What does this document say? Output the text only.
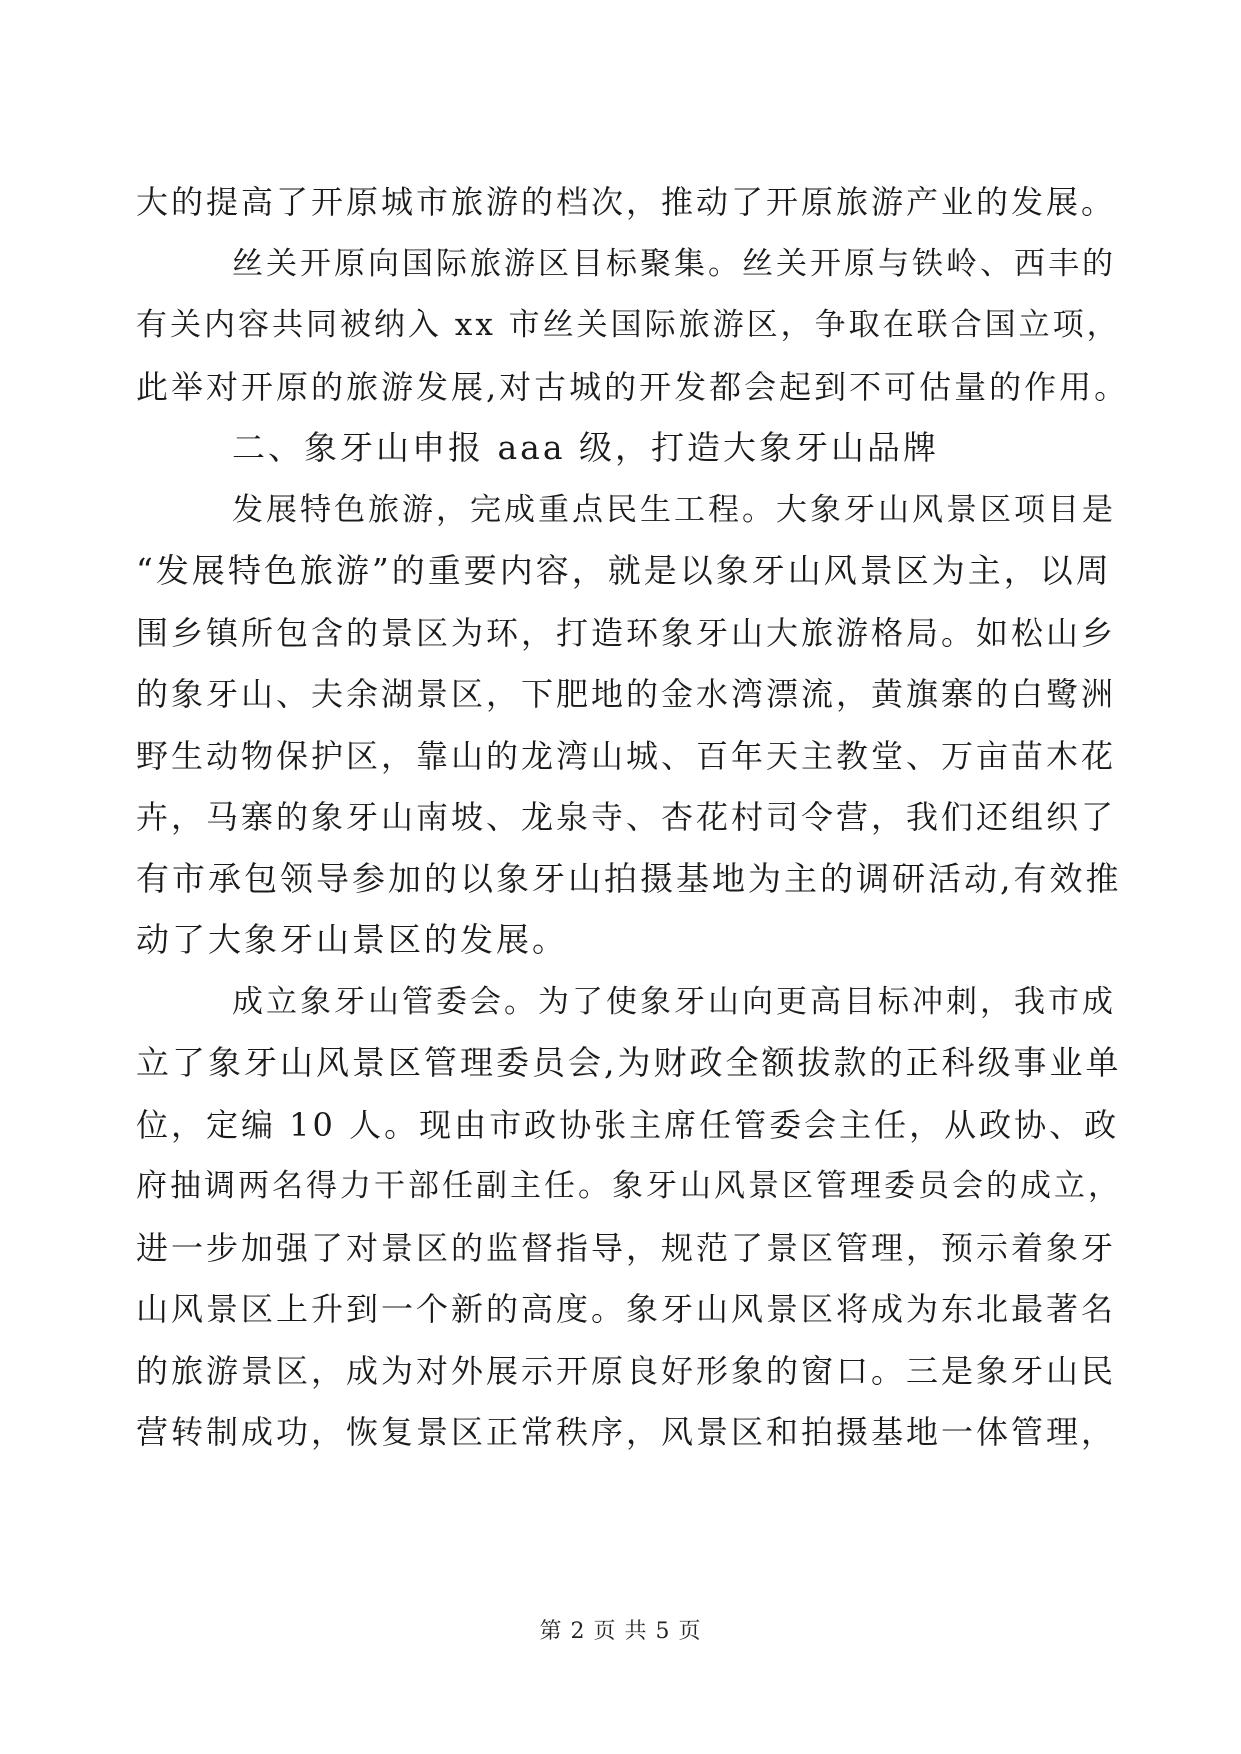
大的提高了开原城市旅游的档次，推动了开原旅游产业的发展。
丝关开原向国际旅游区目标聚集。丝关开原与铁岭、西丰的
有关内容共同被纳入 xx 市丝关国际旅游区，争取在联合国立项，
此举对开原的旅游发展,对古城的开发都会起到不可估量的作用。
二、象牙山申报 aaa 级，打造大象牙山品牌
发展特色旅游，完成重点民生工程。大象牙山风景区项目是
“发展特色旅游”的重要内容，就是以象牙山风景区为主，以周
围乡镇所包含的景区为环，打造环象牙山大旅游格局。如松山乡
的象牙山、夫余湖景区，下肥地的金水湾漂流，黄旗寨的白鹭洲
野生动物保护区，靠山的龙湾山城、百年天主教堂、万亩苗木花
卉，马寨的象牙山南坡、龙泉寺、杏花村司令营，我们还组织了
有市承包领导参加的以象牙山拍摄基地为主的调研活动,有效推
动了大象牙山景区的发展。
成立象牙山管委会。为了使象牙山向更高目标冲刺，我市成
立了象牙山风景区管理委员会,为财政全额拔款的正科级事业单
位，定编 10 人。现由市政协张主席任管委会主任，从政协、政
府抽调两名得力干部任副主任。象牙山风景区管理委员会的成立，
进一步加强了对景区的监督指导，规范了景区管理，预示着象牙
山风景区上升到一个新的高度。象牙山风景区将成为东北最著名
的旅游景区，成为对外展示开原良好形象的窗口。三是象牙山民
营转制成功，恢复景区正常秩序，风景区和拍摄基地一体管理，
第 2 页 共 5 页
